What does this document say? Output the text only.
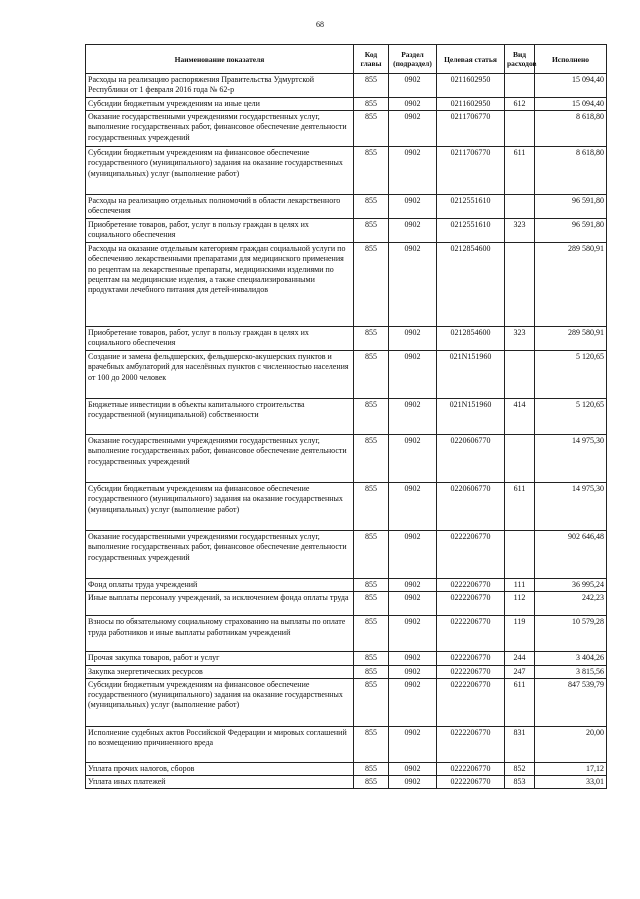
68
Наименование показателя	Код главы	Раздел (подраздел)	Целевая статья	Вид расходов	Исполнено
Расходы на реализацию распоряжения Правительства Удмуртской Республики от 1 февраля 2016 года № 62-р	855	0902	0211602950		15 094,40
Субсидии бюджетным учреждениям на иные цели	855	0902	0211602950	612	15 094,40
Оказание государственными учреждениями государственных услуг, выполнение государственных работ, финансовое обеспечение деятельности государственных учреждений	855	0902	0211706770		8 618,80
Субсидии бюджетным учреждениям на финансовое обеспечение государственного (муниципального) задания на оказание государственных (муниципальных) услуг (выполнение работ)	855	0902	0211706770	611	8 618,80
Расходы на реализацию отдельных полномочий в области лекарственного обеспечения	855	0902	0212551610		96 591,80
Приобретение товаров, работ, услуг в пользу граждан в целях их социального обеспечения	855	0902	0212551610	323	96 591,80
Расходы на оказание отдельным категориям граждан социальной услуги по обеспечению лекарственными препаратами для медицинского применения по рецептам на лекарственные препараты, медицинскими изделиями по рецептам на медицинские изделия, а также специализированными продуктами лечебного питания для детей-инвалидов	855	0902	0212854600		289 580,91
Приобретение товаров, работ, услуг в пользу граждан в целях их социального обеспечения	855	0902	0212854600	323	289 580,91
Создание и замена фельдшерских, фельдшерско-акушерских пунктов и врачебных амбулаторий для населённых пунктов с численностью населения от 100 до 2000 человек	855	0902	021N151960		5 120,65
Бюджетные инвестиции в объекты капитального строительства государственной (муниципальной) собственности	855	0902	021N151960	414	5 120,65
Оказание государственными учреждениями государственных услуг, выполнение государственных работ, финансовое обеспечение деятельности государственных учреждений	855	0902	0220606770		14 975,30
Субсидии бюджетным учреждениям на финансовое обеспечение государственного (муниципального) задания на оказание государственных (муниципальных) услуг (выполнение работ)	855	0902	0220606770	611	14 975,30
Оказание государственными учреждениями государственных услуг, выполнение государственных работ, финансовое обеспечение деятельности государственных учреждений	855	0902	0222206770		902 646,48
Фонд оплаты труда учреждений	855	0902	0222206770	111	36 995,24
Иные выплаты персоналу учреждений, за исключением фонда оплаты труда	855	0902	0222206770	112	242,23
Взносы по обязательному социальному страхованию на выплаты по оплате труда работников и иные выплаты работникам учреждений	855	0902	0222206770	119	10 579,28
Прочая закупка товаров, работ и услуг	855	0902	0222206770	244	3 404,26
Закупка энергетических ресурсов	855	0902	0222206770	247	3 815,56
Субсидии бюджетным учреждениям на финансовое обеспечение государственного (муниципального) задания на оказание государственных (муниципальных) услуг (выполнение работ)	855	0902	0222206770	611	847 539,79
Исполнение судебных актов Российской Федерации и мировых соглашений по возмещению причиненного вреда	855	0902	0222206770	831	20,00
Уплата прочих налогов, сборов	855	0902	0222206770	852	17,12
Уплата иных платежей	855	0902	0222206770	853	33,01
